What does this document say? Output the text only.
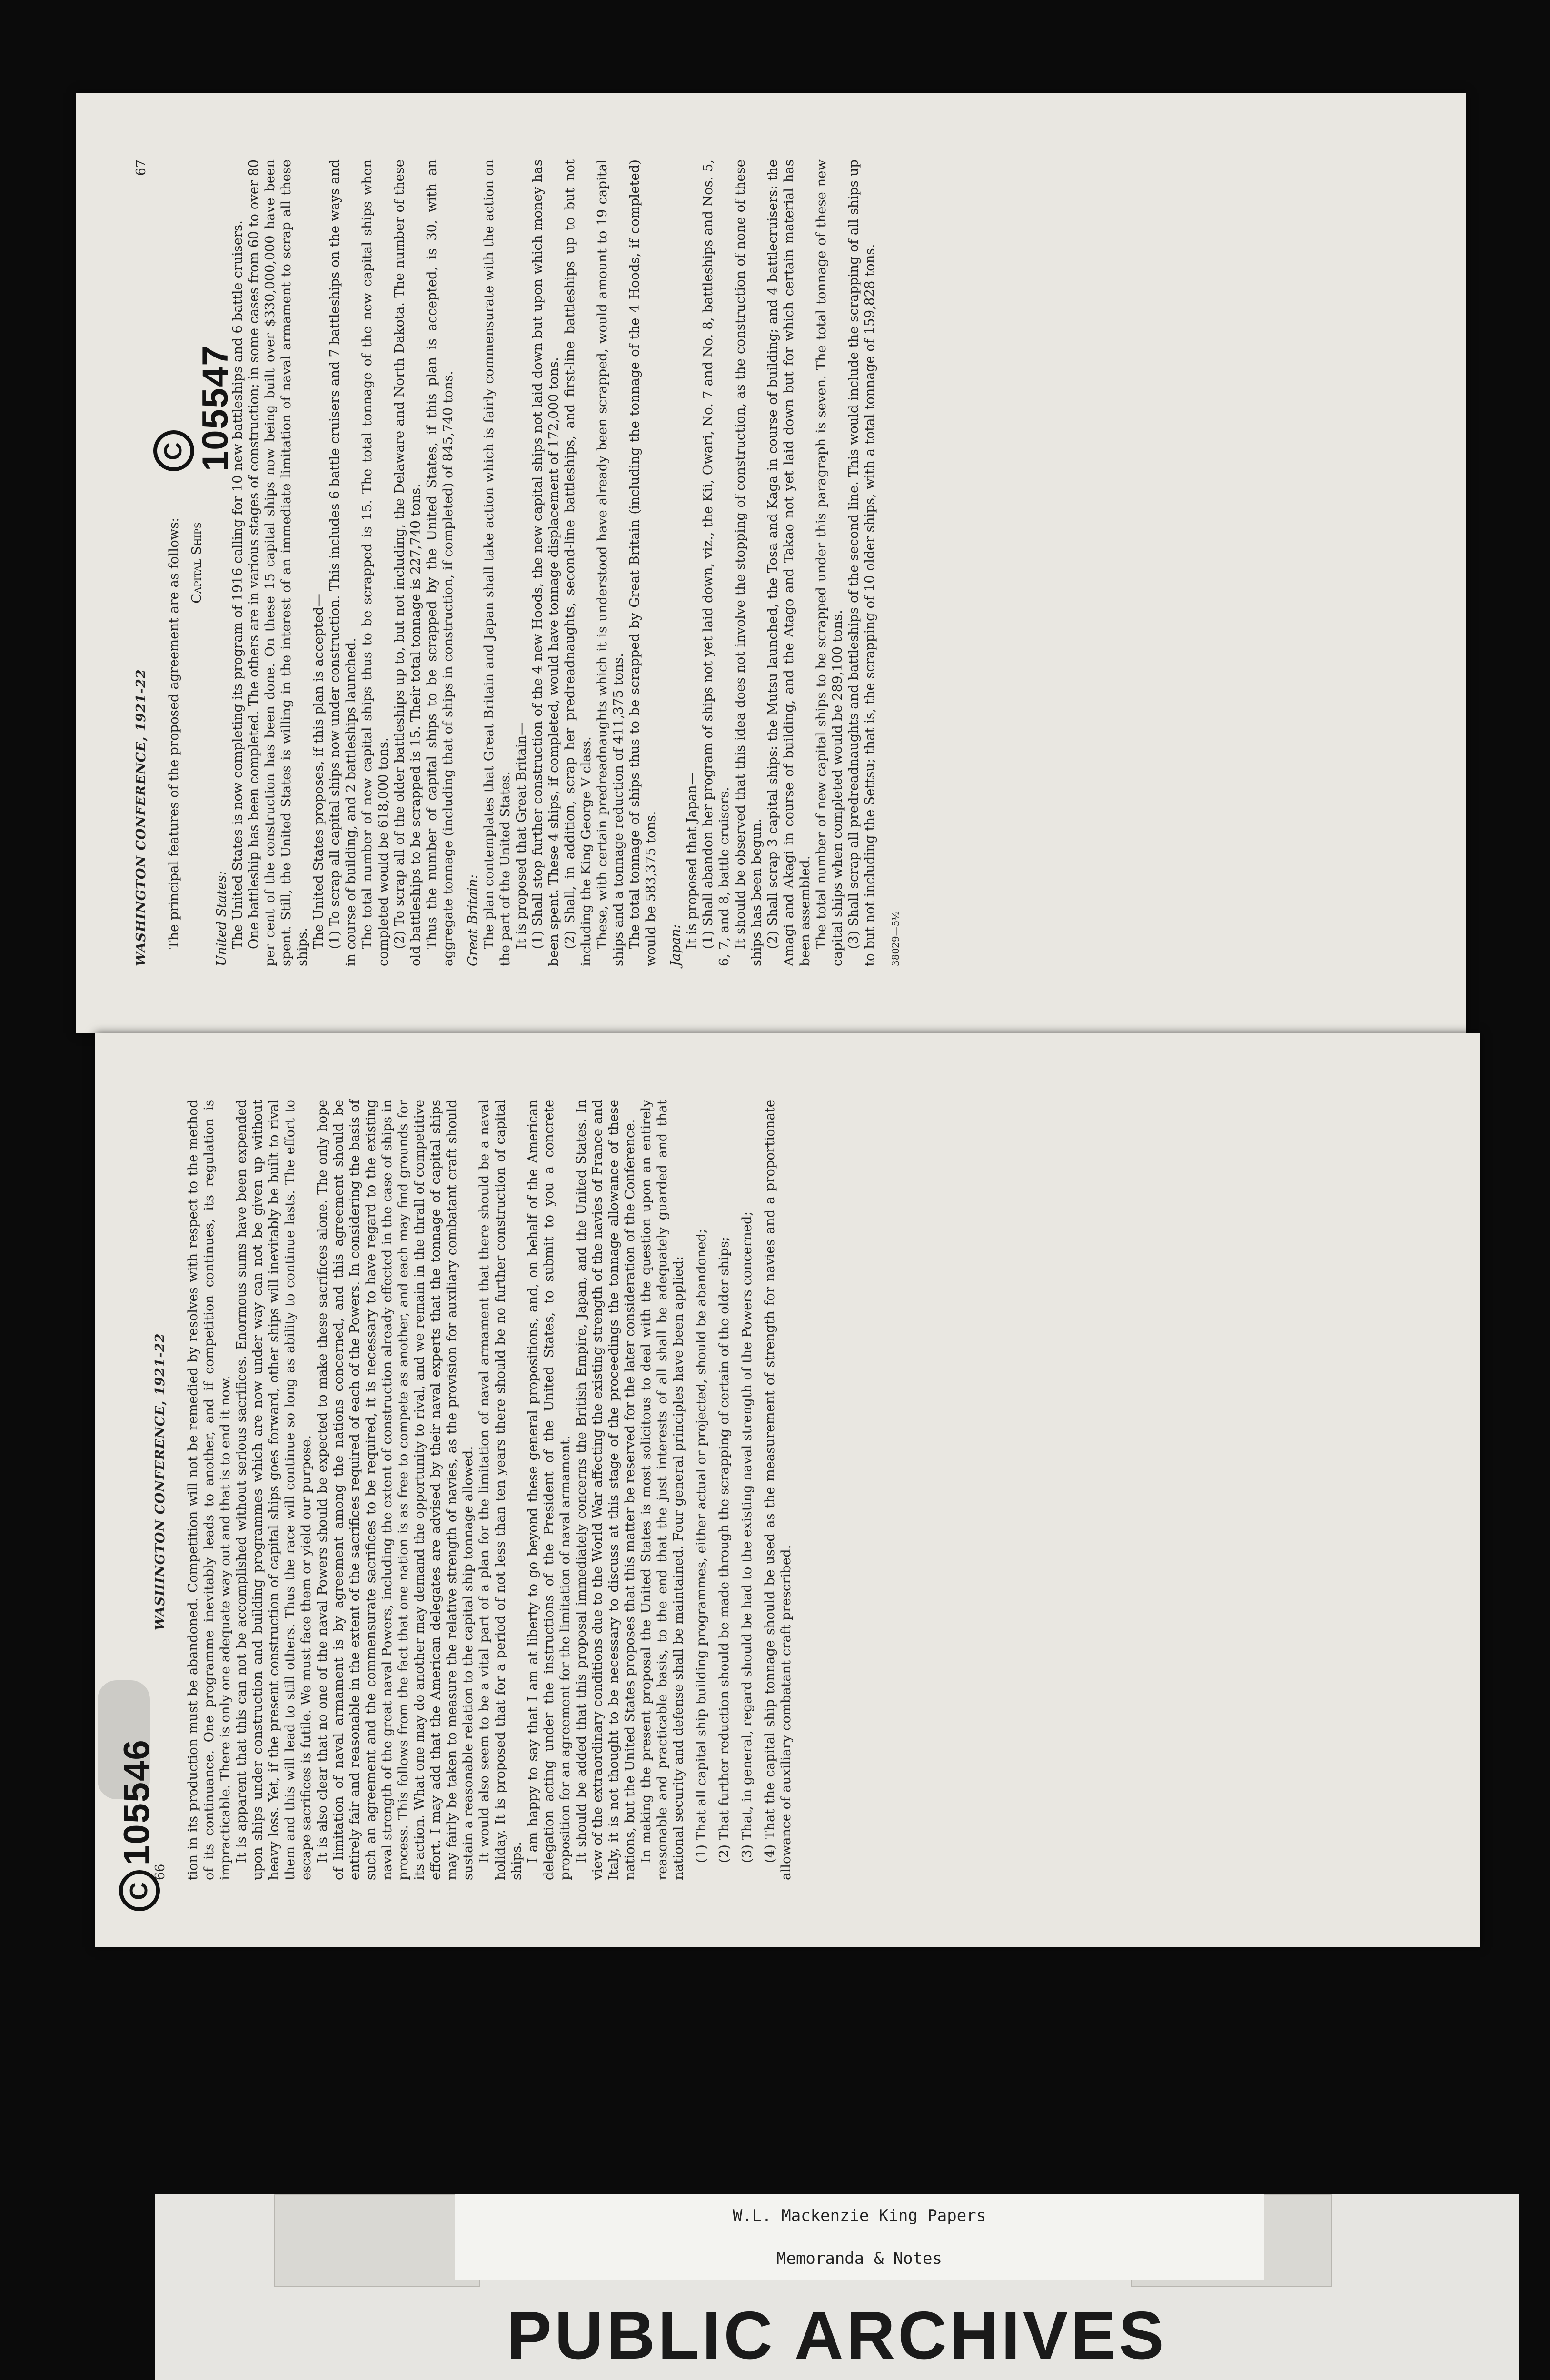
WASHINGTON CONFERENCE, 1921-22
67

The principal features of the proposed agreement are as follows: Capital Ships

United States: The United States is now completing its program of 1916 calling for 10 new battleships and 6 battle cruisers. One battleship has been completed. The others are in various stages of construction; in some cases from 60 to over 80 per cent of the construction has been done. On these 15 capital ships now being built over $330,000,000 have been spent. Still, the United States is willing in the interest of an immediate limitation of naval armament to scrap all these ships. The United States proposes, if this plan is accepted— (1) To scrap all capital ships now under construction. This includes 6 battle cruisers and 7 battleships on the ways and in course of building, and 2 battleships launched. The total number of new capital ships thus to be scrapped is 15. The total tonnage of the new capital ships when completed would be 618,000 tons. (2) To scrap all of the older battleships up to, but not including, the Delaware and North Dakota. The number of these old battleships to be scrapped is 15. Their total tonnage is 227,740 tons. Thus the number of capital ships to be scrapped by the United States, if this plan is accepted, is 30, with an aggregate tonnage (including that of ships in construction, if completed) of 845,740 tons. Great Britain: The plan contemplates that Great Britain and Japan shall take action which is fairly commensurate with the action on the part of the United States. It is proposed that Great Britain— (1) Shall stop further construction of the 4 new Hoods, the new capital ships not laid down but upon which money has been spent. These 4 ships, if completed, would have tonnage displacement of 172,000 tons. (2) Shall, in addition, scrap her predreadnaughts, second-line battleships, and first-line battleships up to but not including the King George V class. These, with certain predreadnaughts which it is understood have already been scrapped, would amount to 19 capital ships and a tonnage reduction of 411,375 tons. The total tonnage of ships thus to be scrapped by Great Britain (including the tonnage of the 4 Hoods, if completed) would be 583,375 tons. Japan: It is proposed that Japan— (1) Shall abandon her program of ships not yet laid down, viz., the Kii, Owari, No. 7 and No. 8, battleships and Nos. 5, 6, 7, and 8, battle cruisers. It should be observed that this idea does not involve the stopping of construction, as the construction of none of these ships has been begun. (2) Shall scrap 3 capital ships: the Mutsu launched, the Tosa and Kaga in course of building; and 4 battlecruisers: the Amagi and Akagi in course of building, and the Atago and Takao not yet laid down but for which certain material has been assembled. The total number of new capital ships to be scrapped under this paragraph is seven. The total tonnage of these new capital ships when completed would be 289,100 tons. (3) Shall scrap all predreadnaughts and battleships of the second line. This would include the scrapping of all ships up to but not including the Settsu; that is, the scrapping of 10 older ships, with a total tonnage of 159,828 tons. 38029—5½
C 105547
66
WASHINGTON CONFERENCE, 1921-22 tion in its production must be abandoned. Competition will not be remedied by resolves with respect to the method of its continuance. One programme inevitably leads to another, and if competition continues, its regulation is impracticable. There is only one adequate way out and that is to end it now. It is apparent that this can not be accomplished without serious sacrifices. Enormous sums have been expended upon ships under construction and building programmes which are now under way can not be given up without heavy loss. Yet, if the present construction of capital ships goes forward, other ships will inevitably be built to rival them and this will lead to still others. Thus the race will continue so long as ability to continue lasts. The effort to escape sacrifices is futile. We must face them or yield our purpose. It is also clear that no one of the naval Powers should be expected to make these sacrifices alone. The only hope of limitation of naval armament is by agreement among the nations concerned, and this agreement should be entirely fair and reasonable in the extent of the sacrifices required of each of the Powers. In considering the basis of such an agreement and the commensurate sacrifices to be required, it is necessary to have regard to the existing naval strength of the great naval Powers, including the extent of construction already effected in the case of ships in process. This follows from the fact that one nation is as free to compete as another, and each may find grounds for its action. What one may do another may demand the opportunity to rival, and we remain in the thrall of competitive effort. I may add that the American delegates are advised by their naval experts that the tonnage of capital ships may fairly be taken to measure the relative strength of navies, as the provision for auxiliary combatant craft should sustain a reasonable relation to the capital ship tonnage allowed. It would also seem to be a vital part of a plan for the limitation of naval armament that there should be a naval holiday. It is proposed that for a period of not less than ten years there should be no further construction of capital ships. I am happy to say that I am at liberty to go beyond these general propositions, and, on behalf of the American delegation acting under the instructions of the President of the United States, to submit to you a concrete proposition for an agreement for the limitation of naval armament. It should be added that this proposal immediately concerns the British Empire, Japan, and the United States. In view of the extraordinary conditions due to the World War affecting the existing strength of the navies of France and Italy, it is not thought to be necessary to discuss at this stage of the proceedings the tonnage allowance of these nations, but the United States proposes that this matter be reserved for the later consideration of the Conference. In making the present proposal the United States is most solicitous to deal with the question upon an entirely reasonable and practicable basis, to the end that the just interests of all shall be adequately guarded and that national security and defense shall be maintained. Four general principles have been applied: (1) That all capital ship building programmes, either actual or projected, should be abandoned; (2) That further reduction should be made through the scrapping of certain of the older ships; (3) That, in general, regard should be had to the existing naval strength of the Powers concerned; (4) That the capital ship tonnage should be used as the measurement of strength for navies and a proportionate allowance of auxiliary combatant craft prescribed.

C105546
W.L. Mackenzie King Papers
Memoranda & Notes
PUBLIC ARCHIVES
